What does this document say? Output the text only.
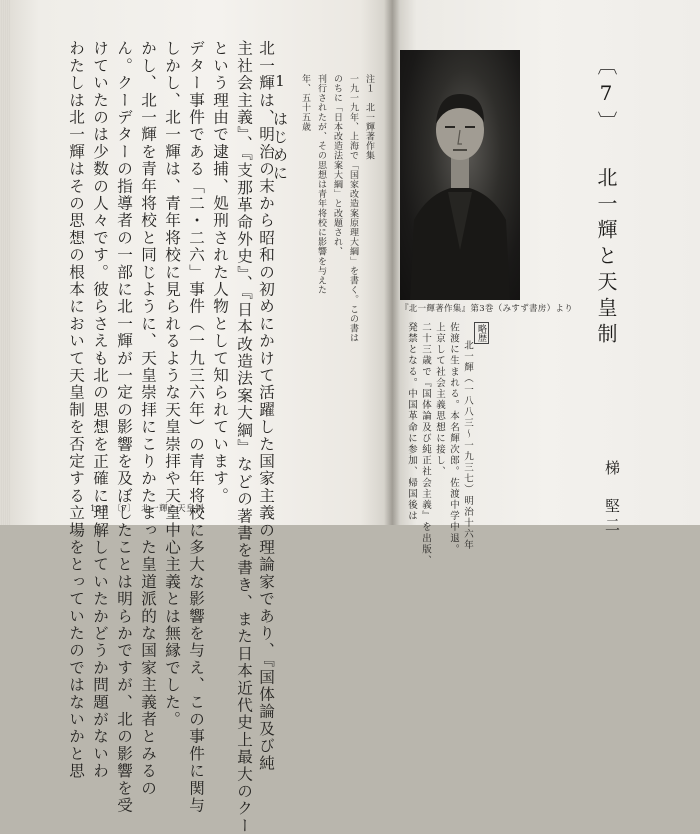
わたしは北一輝はその思想の根本において天皇制を否定する立場をとっていたのではないかと思 けていたのは少数の人々です。彼らさえも北の思想を正確に理解していたかどうか問題がないわ ん。クーデターの指導者の一部に北一輝が一定の影響を及ぼしたことは明らかですが、北の影響を受 かし、北一輝を青年将校と同じように、天皇崇拝にこりかたまった皇道派的な国家主義者とみるの しかし、北一輝は、青年将校に見られるような天皇崇拝や天皇中心主義とは無縁でした。 デター事件である「二・二六」事件（一九三六年）の青年将校に多大な影響を与え、この事件に関与 という理由で逮捕、処刑された人物として知られています。 主社会主義』、『支那革命外史』、『日本改造法案大綱』などの著書を書き、また日本近代史上最大のクー 北一輝は、明治の末から昭和の初めにかけて活躍した国家主義の理論家であり、『国体論及び純
1　はじめに 年、五十五歳 刊行されたが、その思想は青年将校に影響を与えた のちに「日本改造法案大綱」と改題され、 一九一九年、上海で「国家改造案原理大綱」を書く。この書は 注１　北一輝著作集
127　〔7〕　北一輝と天皇制
『北一輝著作集』第3巻（みすず書房）より
略歴
北一輝（一八八三〜一九三七）明治十六年
佐渡に生まれる。本名輝次郎。佐渡中学中退。
上京して社会主義思想に接し、
二十三歳で『国体論及び純正社会主義』を出版、
発禁となる。中国革命に参加、帰国後は
〔7〕 北一輝と天皇制
梯　堅二
